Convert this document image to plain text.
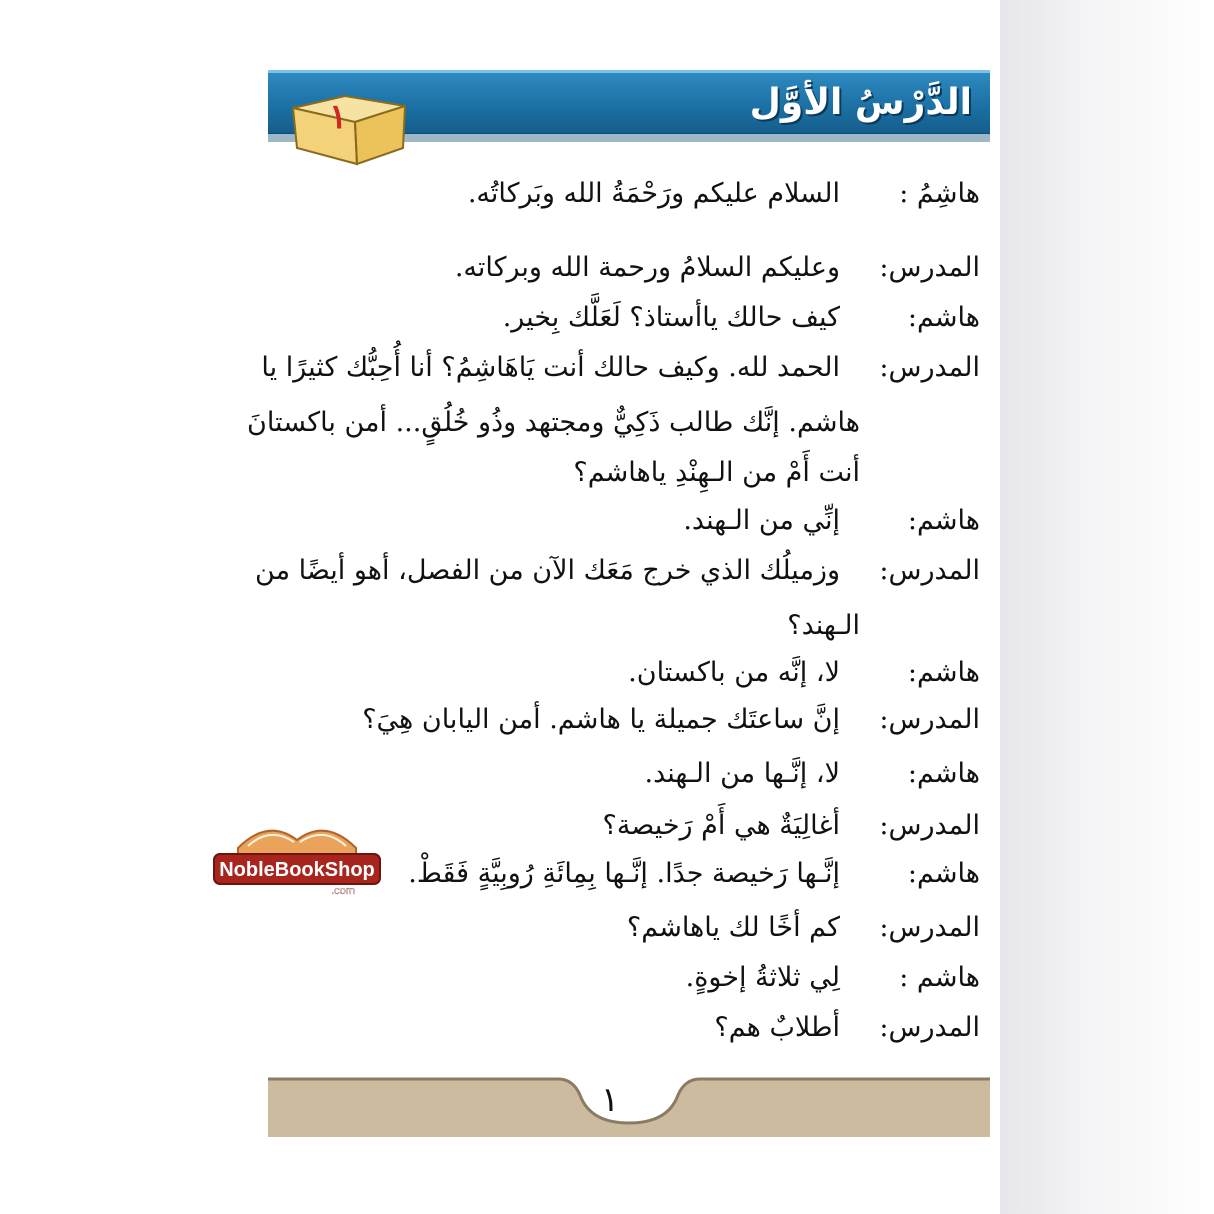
الدَّرْسُ الأوَّل
١
هاشِمُ :
السلام عليكم ورَحْمَةُ الله وبَركاتُه.
المدرس:
وعليكم السلامُ ورحمة الله وبركاته.
هاشم:
كيف حالك ياأستاذ؟ لَعَلَّك بِخير.
المدرس:
الحمد لله. وكيف حالك أنت يَاهَاشِمُ؟ أنا أُحِبُّك كثيرًا يا
هاشم. إنَّك طالب ذَكِيٌّ ومجتهد وذُو خُلُقٍ... أمن باكستانَ
أنت أَمْ من الـهِنْدِ ياهاشم؟
هاشم:
إنِّي من الـهند.
المدرس:
وزميلُك الذي خرج مَعَك الآن من الفصل، أهو أيضًا من
الـهند؟
هاشم:
لا، إنَّه من باكستان.
المدرس:
إنَّ ساعتَك جميلة يا هاشم. أمن اليابان هِيَ؟
هاشم:
لا، إنَّـها من الـهند.
المدرس:
أغالِيَةٌ هي أَمْ رَخيصة؟
هاشم:
إنَّـها رَخيصة جدًا. إنَّـها بِمِائَةِ رُوبِيَّةٍ فَقَطْ.
المدرس:
كم أخًا لك ياهاشم؟
هاشم :
لِي ثلاثةُ إخوةٍ.
المدرس:
أطلابٌ هم؟
NobleBookShop
.com
١
